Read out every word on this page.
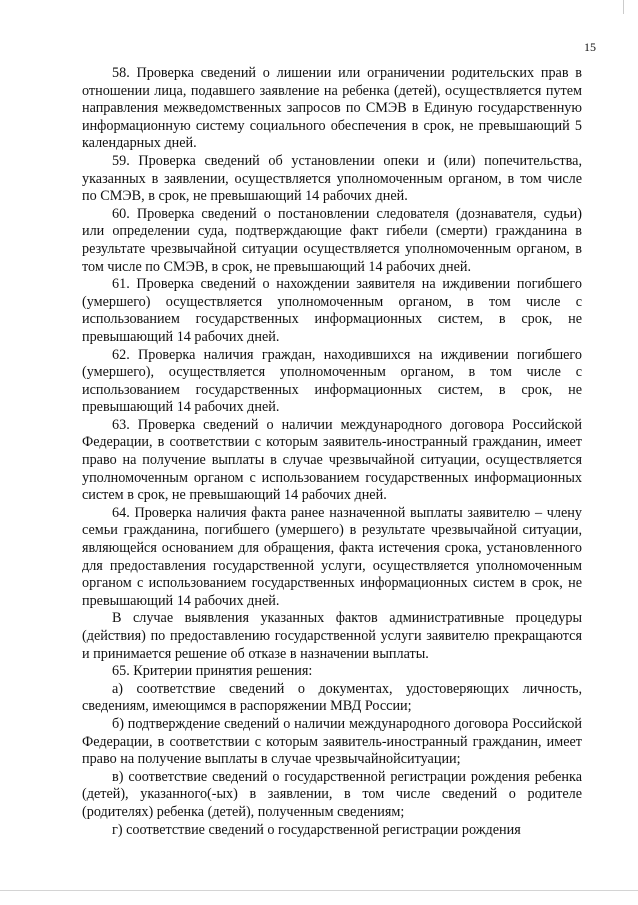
15

58. Проверка сведений о лишении или ограничении родительских прав в отношении лица, подавшего заявление на ребенка (детей), осуществляется путем направления межведомственных запросов по СМЭВ в Единую государственную информационную систему социального обеспечения в срок, не превышающий 5 календарных дней.

59. Проверка сведений об установлении опеки и (или) попечительства, указанных в заявлении, осуществляется уполномоченным органом, в том числе по СМЭВ, в срок, не превышающий 14 рабочих дней.

60. Проверка сведений о постановлении следователя (дознавателя, судьи) или определении суда, подтверждающие факт гибели (смерти) гражданина в результате чрезвычайной ситуации осуществляется уполномоченным органом, в том числе по СМЭВ, в срок, не превышающий 14 рабочих дней.

61. Проверка сведений о нахождении заявителя на иждивении погибшего (умершего) осуществляется уполномоченным органом, в том числе с использованием государственных информационных систем, в срок, не превышающий 14 рабочих дней.

62. Проверка наличия граждан, находившихся на иждивении погибшего (умершего), осуществляется уполномоченным органом, в том числе с использованием государственных информационных систем, в срок, не превышающий 14 рабочих дней.

63. Проверка сведений о наличии международного договора Российской Федерации, в соответствии с которым заявитель-иностранный гражданин, имеет право на получение выплаты в случае чрезвычайной ситуации, осуществляется уполномоченным органом с использованием государственных информационных систем в срок, не превышающий 14 рабочих дней.

64. Проверка наличия факта ранее назначенной выплаты заявителю – члену семьи гражданина, погибшего (умершего) в результате чрезвычайной ситуации, являющейся основанием для обращения, факта истечения срока, установленного для предоставления государственной услуги, осуществляется уполномоченным органом с использованием государственных информационных систем в срок, не превышающий 14 рабочих дней.

В случае выявления указанных фактов административные процедуры (действия) по предоставлению государственной услуги заявителю прекращаются и принимается решение об отказе в назначении выплаты.

65. Критерии принятия решения:

а) соответствие сведений о документах, удостоверяющих личность, сведениям, имеющимся в распоряжении МВД России;

б) подтверждение сведений о наличии международного договора Российской Федерации, в соответствии с которым заявитель-иностранный гражданин, имеет право на получение выплаты в случае чрезвычайнойситуации;

в) соответствие сведений о государственной регистрации рождения ребенка (детей), указанного(-ых) в заявлении, в том числе сведений о родителе (родителях) ребенка (детей), полученным сведениям;

г) соответствие сведений о государственной регистрации рождения
